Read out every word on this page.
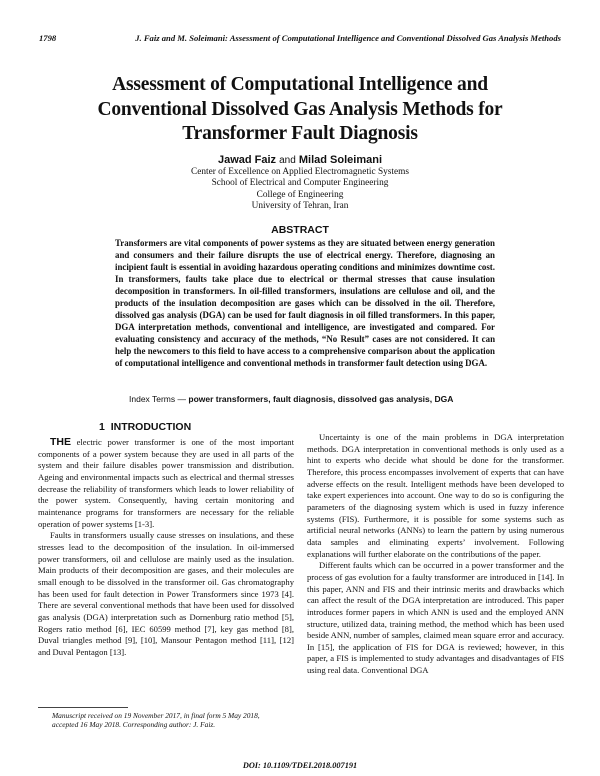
1798	J. Faiz and M. Soleimani: Assessment of Computational Intelligence and Conventional Dissolved Gas Analysis Methods
Assessment of Computational Intelligence and
Conventional Dissolved Gas Analysis Methods for
Transformer Fault Diagnosis
Jawad Faiz and Milad Soleimani
Center of Excellence on Applied Electromagnetic Systems
School of Electrical and Computer Engineering
College of Engineering
University of Tehran, Iran
ABSTRACT
Transformers are vital components of power systems as they are situated between energy generation and consumers and their failure disrupts the use of electrical energy. Therefore, diagnosing an incipient fault is essential in avoiding hazardous operating conditions and minimizes downtime cost. In transformers, faults take place due to electrical or thermal stresses that cause insulation decomposition in transformers. In oil-filled transformers, insulations are cellulose and oil, and the products of the insulation decomposition are gases which can be dissolved in the oil. Therefore, dissolved gas analysis (DGA) can be used for fault diagnosis in oil filled transformers. In this paper, DGA interpretation methods, conventional and intelligence, are investigated and compared. For evaluating consistency and accuracy of the methods, “No Result” cases are not considered. It can help the newcomers to this field to have access to a comprehensive comparison about the application of computational intelligence and conventional methods in transformer fault detection using DGA.
Index Terms — power transformers, fault diagnosis, dissolved gas analysis, DGA
1 INTRODUCTION

THE electric power transformer is one of the most important components of a power system because they are used in all parts of the system and their failure disables power transmission and distribution. Ageing and environmental impacts such as electrical and thermal stresses decrease the reliability of transformers which leads to lower reliability of the power system. Consequently, having certain monitoring and maintenance programs for transformers are necessary for the reliable operation of power systems [1-3].

Faults in transformers usually cause stresses on insulations, and these stresses lead to the decomposition of the insulation. In oil-immersed power transformers, oil and cellulose are mainly used as the insulation. Main products of their decomposition are gases, and their molecules are small enough to be dissolved in the transformer oil. Gas chromatography has been used for fault detection in Power Transformers since 1973 [4]. There are several conventional methods that have been used for dissolved gas analysis (DGA) interpretation such as Dornenburg ratio method [5], Rogers ratio method [6], IEC 60599 method [7], key gas method [8], Duval triangles method [9], [10], Mansour Pentagon method [11], [12] and Duval Pentagon [13].

Uncertainty is one of the main problems in DGA interpretation methods. DGA interpretation in conventional methods is only used as a hint to experts who decide what should be done for the transformer. Therefore, this process encompasses involvement of experts that can have adverse effects on the result. Intelligent methods have been developed to take expert experiences into account. One way to do so is configuring the parameters of the diagnosing system which is used in fuzzy inference systems (FIS). Furthermore, it is possible for some systems such as artificial neural networks (ANNs) to learn the pattern by using numerous data samples and eliminating experts’ involvement. Following explanations will further elaborate on the contributions of the paper.

Different faults which can be occurred in a power transformer and the process of gas evolution for a faulty transformer are introduced in [14]. In this paper, ANN and FIS and their intrinsic merits and drawbacks which can affect the result of the DGA interpretation are introduced. This paper introduces former papers in which ANN is used and the employed ANN structure, utilized data, training method, the method which has been used beside ANN, number of samples, claimed mean square error and accuracy. In [15], the application of FIS for DGA is reviewed; however, in this paper, a FIS is implemented to study advantages and disadvantages of FIS using real data. Conventional DGA

Manuscript received on 19 November 2017, in final form 5 May 2018,
accepted 16 May 2018. Corresponding author: J. Faiz.
DOI: 10.1109/TDEI.2018.007191
